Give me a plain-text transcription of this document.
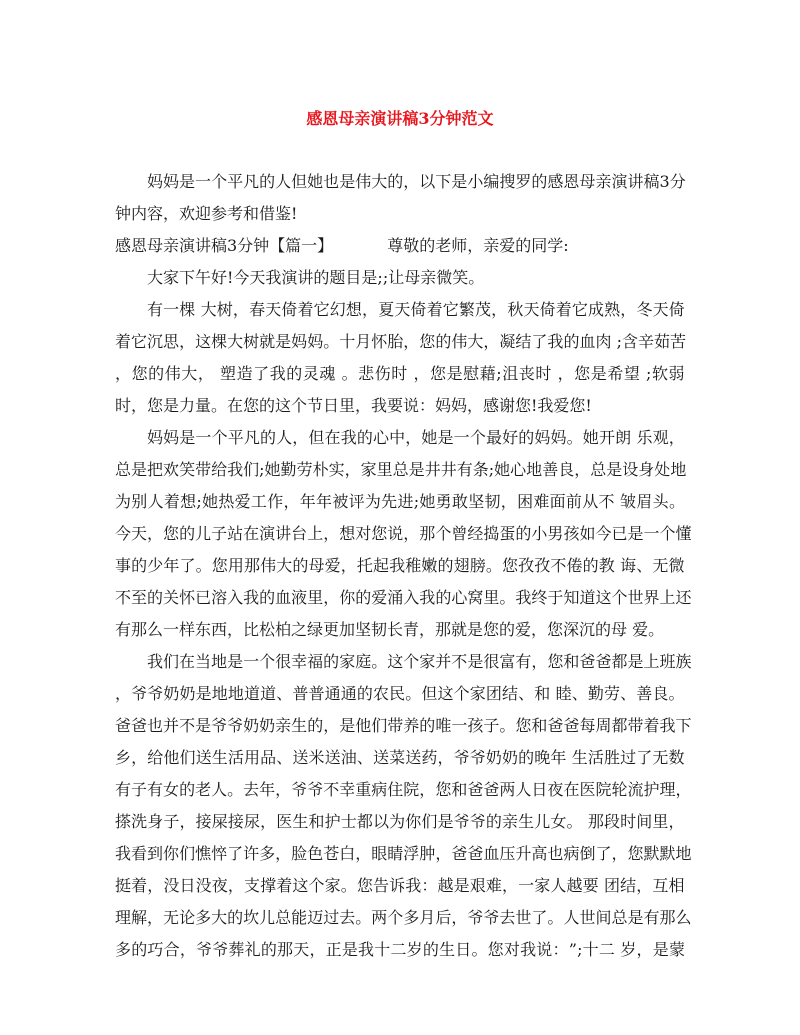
感恩母亲演讲稿3分钟范文
妈 妈 是 一 个 平 凡 的 人 但 她 也 是 伟 大 的 ， 以 下 是 小 编 搜 罗 的 感 恩 母 亲 演 讲 稿 3 分
钟内容，欢迎参考和借鉴!
感恩母亲演讲稿3分钟【篇一】	尊敬的老师，亲爱的同学:
大家下午好!今天我演讲的题目是;;让母亲微笑。
有 一 棵
大 树 ， 春 天 倚 着 它 幻 想 ， 夏 天 倚 着 它 繁 茂 ， 秋 天 倚 着 它 成 熟 ， 冬 天 倚
着 它 沉 思 ， 这 棵 大 树 就 是 妈 妈 。 十 月 怀 胎 ， 您 的 伟 大 ， 凝 结 了 我 的 血 肉
; 含 辛 茹 苦
， 您 的 伟 大 ，
塑 造 了 我 的 灵 魂
。 悲 伤 时
， 您 是 慰 藉 ; 沮 丧 时
， 您 是 希 望
; 软 弱
时，您是力量。在您的这个节日里，我要说：妈妈，感谢您!我爱您!
妈 妈 是 一 个 平 凡 的 人 ， 但 在 我 的 心 中 ， 她 是 一 个 最 好 的 妈 妈 。 她 开 朗
乐 观 ，
总 是 把 欢 笑 带 给 我 们 ; 她 勤 劳 朴 实 ， 家 里 总 是 井 井 有 条 ; 她 心 地 善 良 ， 总 是 设 身 处 地
为 别 人 着 想 ; 她 热 爱 工 作 ， 年 年 被 评 为 先 进 ; 她 勇 敢 坚 韧 ， 困 难 面 前 从 不
皱 眉 头 。
今 天 ， 您 的 儿 子 站 在 演 讲 台 上 ， 想 对 您 说 ， 那 个 曾 经 捣 蛋 的 小 男 孩 如 今 已 是 一 个 懂
事 的 少 年 了 。 您 用 那 伟 大 的 母 爱 ， 托 起 我 稚 嫩 的 翅 膀 。 您 孜 孜 不 倦 的 教
诲 、 无 微
不 至 的 关 怀 已 溶 入 我 的 血 液 里 ， 你 的 爱 涌 入 我 的 心 窝 里 。 我 终 于 知 道 这 个 世 界 上 还
有那么一样东西，比松柏之绿更加坚韧长青，那就是您的爱，您深沉的母 爱。
我 们 在 当 地 是 一 个 很 幸 福 的 家 庭 。 这 个 家 并 不 是 很 富 有 ， 您 和 爸 爸 都 是 上 班 族
， 爷 爷 奶 奶 是 地 地 道 道 、 普 普 通 通 的 农 民 。 但 这 个 家 团 结 、 和
睦 、 勤 劳 、 善 良 。
爸 爸 也 并 不 是 爷 爷 奶 奶 亲 生 的 ， 是 他 们 带 养 的 唯 一 孩 子 。 您 和 爸 爸 每 周 都 带 着 我 下
乡 ， 给 他 们 送 生 活 用 品 、 送 米 送 油 、 送 菜 送 药 ， 爷 爷 奶 奶 的 晚 年
生 活 胜 过 了 无 数
有 子 有 女 的 老 人 。 去 年 ， 爷 爷 不 幸 重 病 住 院 ， 您 和 爸 爸 两 人 日 夜 在 医 院 轮 流 护 理 ，
搽 洗 身 子 ， 接 屎 接 尿 ， 医 生 和 护 士 都 以 为 你 们 是 爷 爷 的 亲 生 儿 女 。
那 段 时 间 里 ，
我 看 到 你 们 憔 悴 了 许 多 ， 脸 色 苍 白 ， 眼 睛 浮 肿 ， 爸 爸 血 压 升 高 也 病 倒 了 ， 您 默 默 地
挺 着 ， 没 日 没 夜 ， 支 撑 着 这 个 家 。 您 告 诉 我 ： 越 是 艰 难 ， 一 家 人 越 要
团 结 ， 互 相
理 解 ， 无 论 多 大 的 坎 儿 总 能 迈 过 去 。 两 个 多 月 后 ， 爷 爷 去 世 了 。 人 世 间 总 是 有 那 么
多 的 巧 合 ， 爷 爷 葬 礼 的 那 天 ， 正 是 我 十 二 岁 的 生 日 。 您 对 我 说 ： ” ; 十 二
岁 ， 是 蒙
